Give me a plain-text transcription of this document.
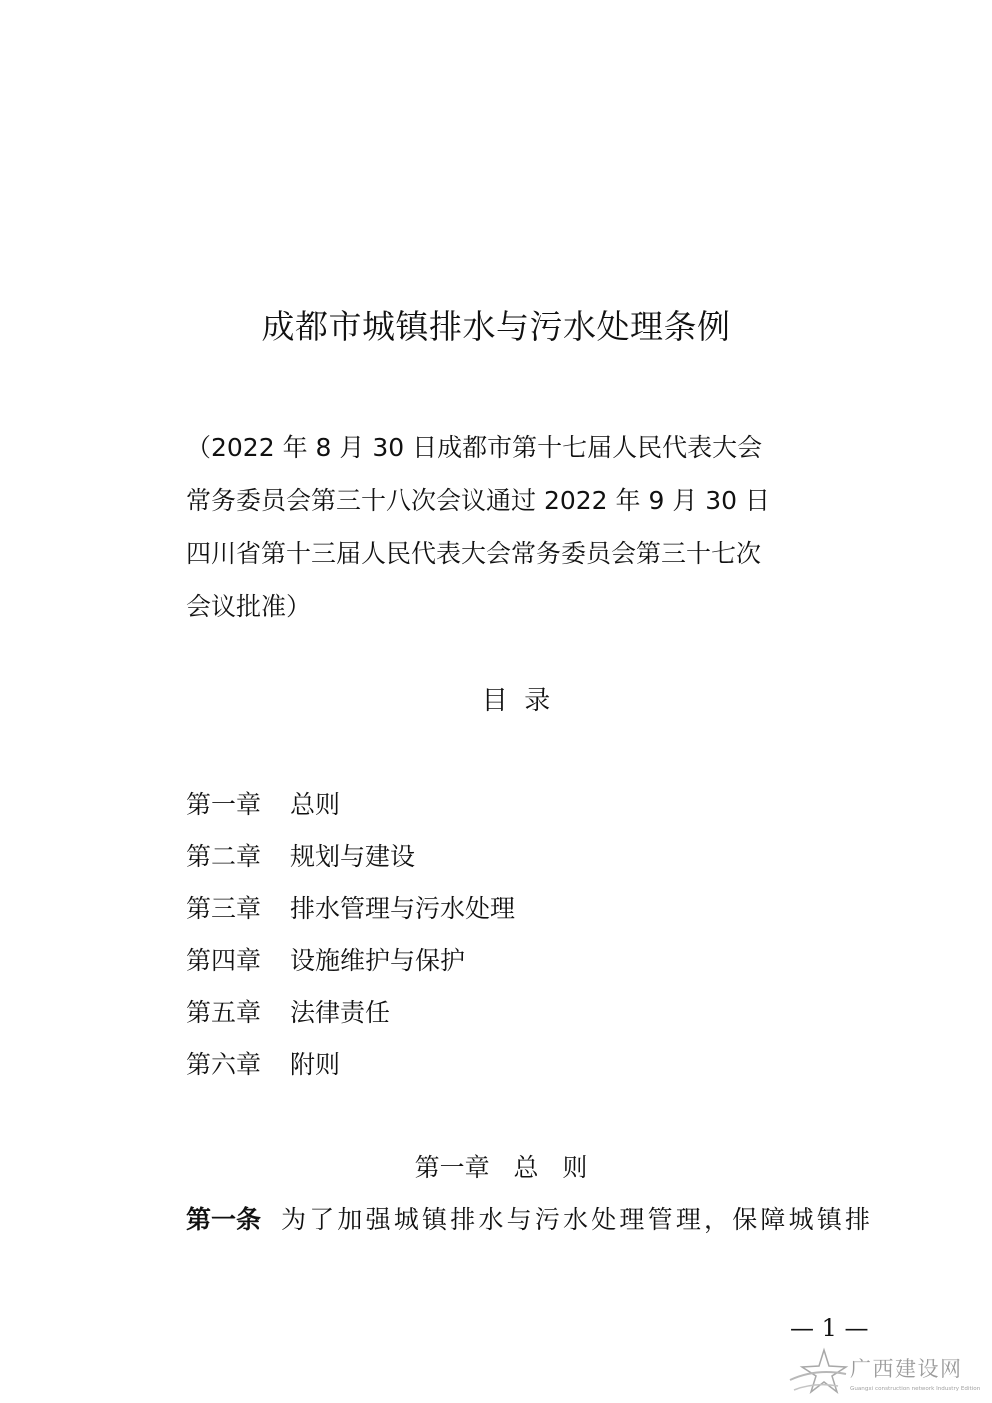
成都市城镇排水与污水处理条例
（2022 年 8 月 30 日成都市第十七届人民代表大会
常务委员会第三十八次会议通过 2022 年 9 月 30 日
四川省第十三届人民代表大会常务委员会第三十七次
会议批准）
目  录
第一章 总则
第二章 规划与建设
第三章 排水管理与污水处理
第四章 设施维护与保护
第五章 法律责任
第六章 附则
第一章   总   则
第一条 为了加强城镇排水与污水处理管理，保障城镇排
— 1 —
广西建设网
Guangxi construction network Industry Edition
